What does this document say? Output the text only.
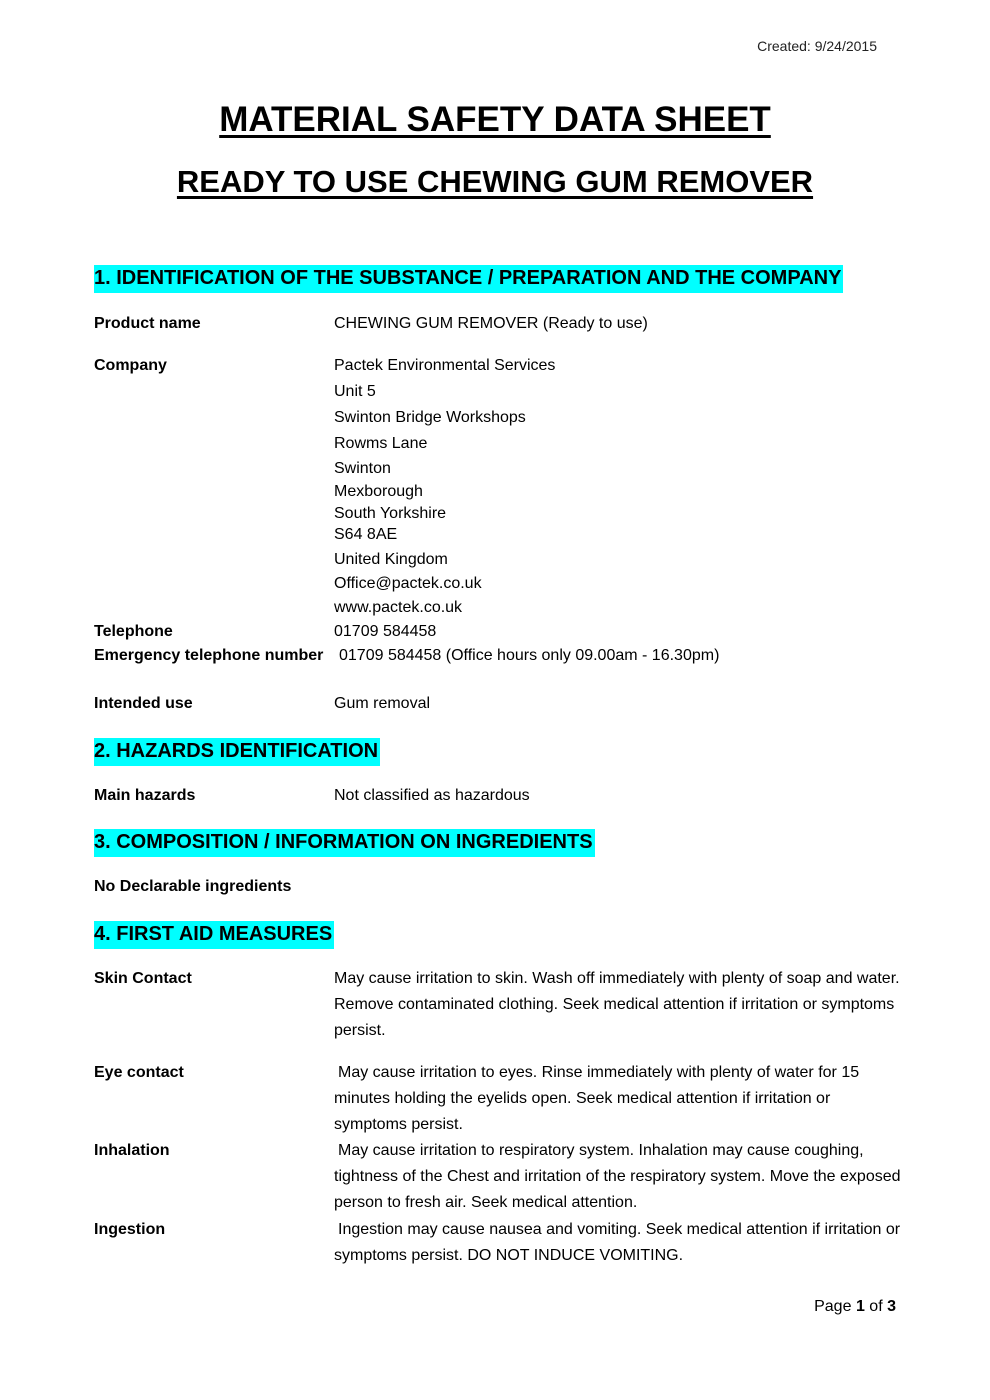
Created: 9/24/2015
MATERIAL SAFETY DATA SHEET
READY TO USE CHEWING GUM REMOVER
1. IDENTIFICATION OF THE SUBSTANCE / PREPARATION AND THE COMPANY
Product name	CHEWING GUM REMOVER (Ready to use)
Company	Pactek Environmental Services
Unit 5
Swinton Bridge Workshops
Rowms Lane
Swinton
Mexborough
South Yorkshire
S64 8AE
United Kingdom
Office@pactek.co.uk
www.pactek.co.uk
Telephone	01709 584458
Emergency telephone number 01709 584458 (Office hours only 09.00am - 16.30pm)
Intended use	Gum removal
2. HAZARDS IDENTIFICATION
Main hazards	Not classified as hazardous
3. COMPOSITION / INFORMATION ON INGREDIENTS
No Declarable ingredients
4. FIRST AID MEASURES
Skin Contact	May cause irritation to skin. Wash off immediately with plenty of soap and water. Remove contaminated clothing. Seek medical attention if irritation or symptoms persist.
Eye contact	May cause irritation to eyes. Rinse immediately with plenty of water for 15 minutes holding the eyelids open. Seek medical attention if irritation or symptoms persist.
Inhalation	May cause irritation to respiratory system. Inhalation may cause coughing, tightness of the Chest and irritation of the respiratory system. Move the exposed person to fresh air. Seek medical attention.
Ingestion	Ingestion may cause nausea and vomiting. Seek medical attention if irritation or symptoms persist. DO NOT INDUCE VOMITING.
Page 1 of 3
